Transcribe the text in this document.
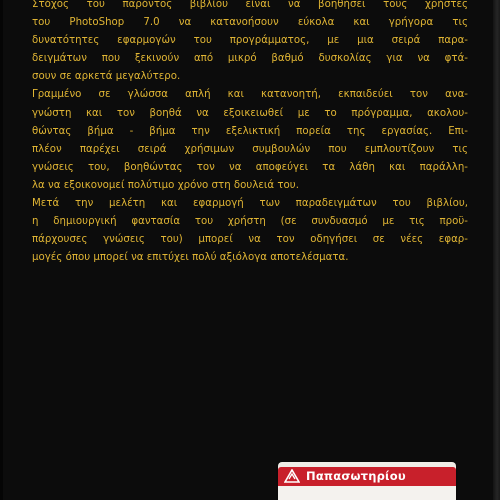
Στόχος του παρόντος βιβλίου είναι να βοηθήσει τους χρήστες
του PhotoShop 7.0 να κατανοήσουν εύκολα και γρήγορα τις
δυνατότητες εφαρμογών του προγράμματος, με μια σειρά παρα-
δειγμάτων που ξεκινούν από μικρό βαθμό δυσκολίας για να φτά-
σουν σε αρκετά μεγαλύτερο.
Γραμμένο σε γλώσσα απλή και κατανοητή, εκπαιδεύει τον ανα-
γνώστη και τον βοηθά να εξοικειωθεί με το πρόγραμμα, ακολου-
θώντας βήμα - βήμα την εξελικτική πορεία της εργασίας. Επι-
πλέον παρέχει σειρά χρήσιμων συμβουλών που εμπλουτίζουν τις
γνώσεις του, βοηθώντας τον να αποφεύγει τα λάθη και παράλλη-
λα να εξοικονομεί πολύτιμο χρόνο στη δουλειά του.
Μετά την μελέτη και εφαρμογή των παραδειγμάτων του βιβλίου,
η δημιουργική φαντασία του χρήστη (σε συνδυασμό με τις προϋ-
πάρχουσες γνώσεις του) μπορεί να τον οδηγήσει σε νέες εφαρ-
μογές όπου μπορεί να επιτύχει πολύ αξιόλογα αποτελέσματα.
Παπασωτηρίου
